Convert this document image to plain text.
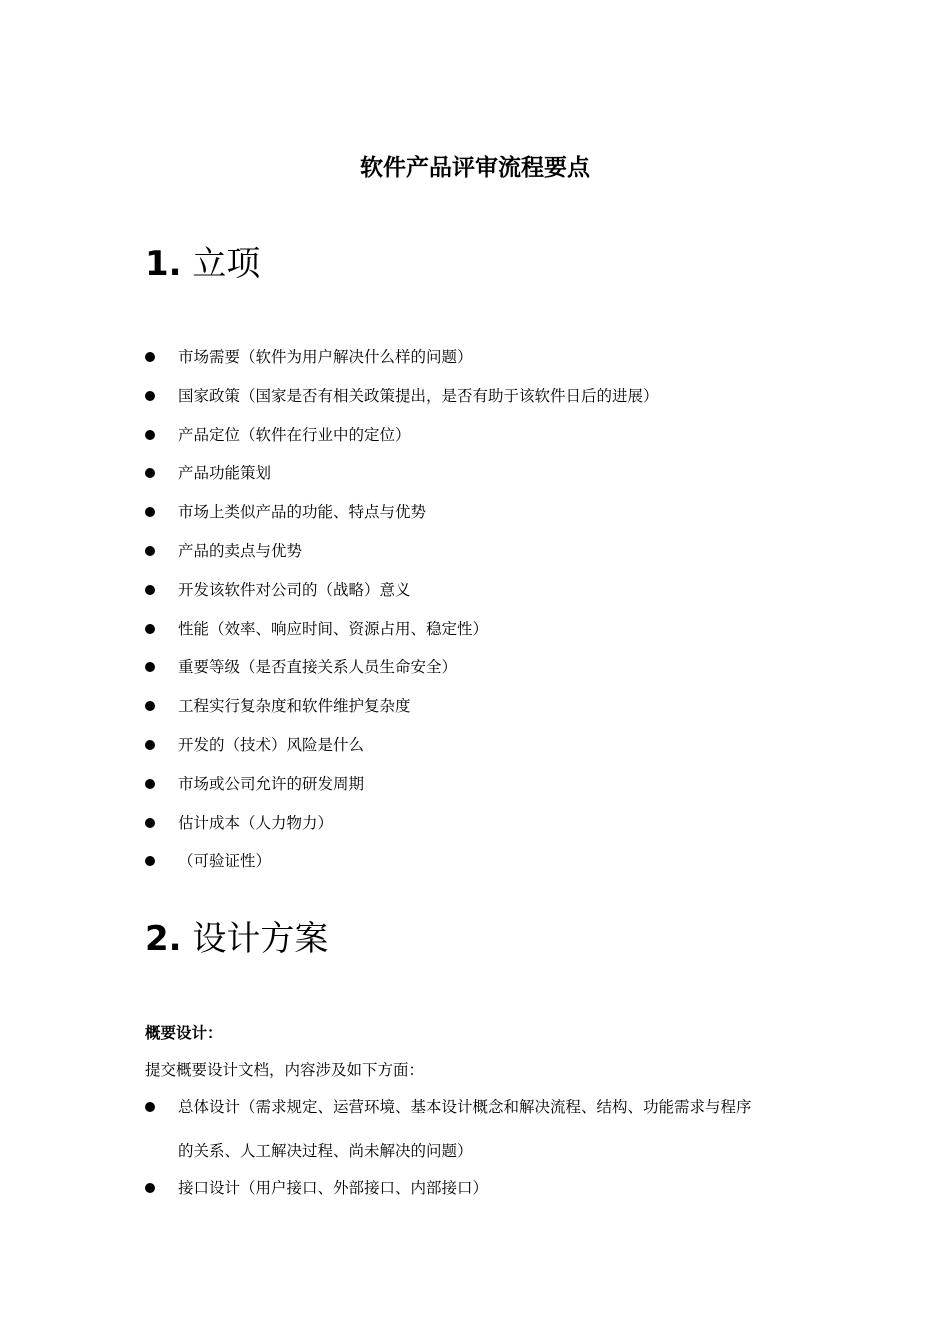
软件产品评审流程要点
1. 立项
市场需要（软件为用户解决什么样的问题）
国家政策（国家是否有相关政策提出，是否有助于该软件日后的进展）
产品定位（软件在行业中的定位）
产品功能策划
市场上类似产品的功能、特点与优势
产品的卖点与优势
开发该软件对公司的（战略）意义
性能（效率、响应时间、资源占用、稳定性）
重要等级（是否直接关系人员生命安全）
工程实行复杂度和软件维护复杂度
开发的（技术）风险是什么
市场或公司允许的研发周期
估计成本（人力物力）
（可验证性）
2. 设计方案
概要设计：
提交概要设计文档，内容涉及如下方面：
总体设计（需求规定、运营环境、基本设计概念和解决流程、结构、功能需求与程序
的关系、人工解决过程、尚未解决的问题）
接口设计（用户接口、外部接口、内部接口）
